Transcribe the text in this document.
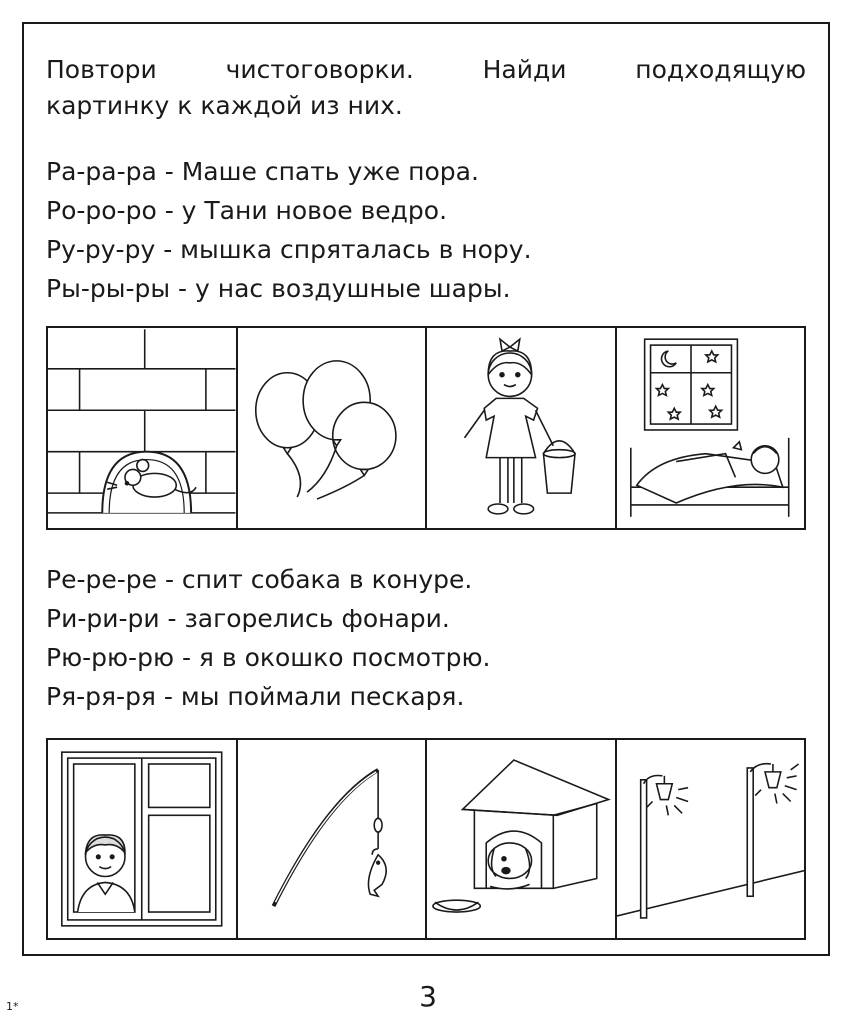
Повтори чистоговорки. Найди подходящую
картинку к каждой из них.
Ра-ра-ра - Маше спать уже пора.
Ро-ро-ро - у Тани новое ведро.
Ру-ру-ру - мышка спряталась в нору.
Ры-ры-ры - у нас воздушные шары.
Ре-ре-ре - спит собака в конуре.
Ри-ри-ри - загорелись фонари.
Рю-рю-рю - я в окошко посмотрю.
Ря-ря-ря - мы поймали пескаря.
3
1*
